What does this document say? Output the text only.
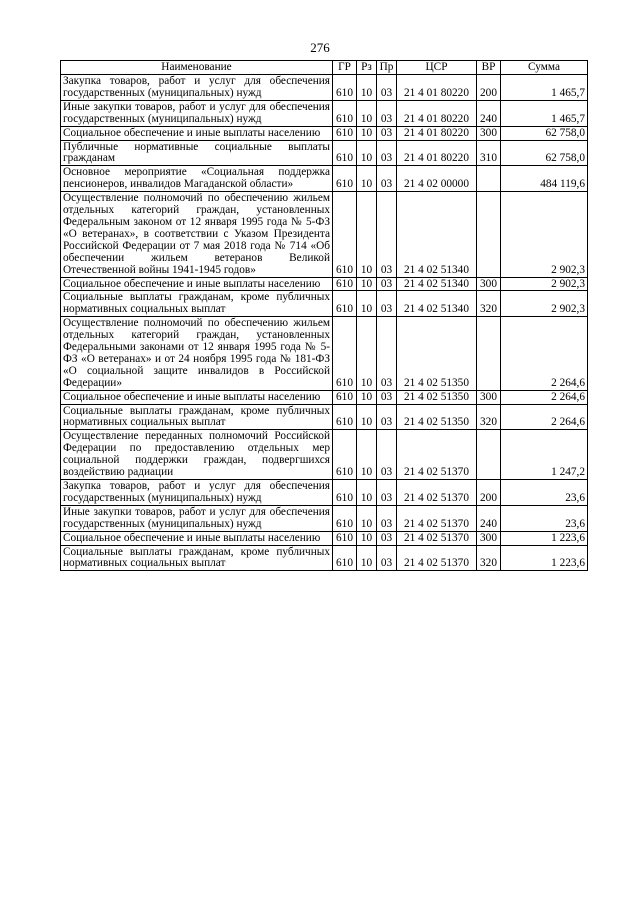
276
Наименование	ГР	Рз	Пр	ЦСР	ВР	Сумма
Закупка товаров, работ и услуг для обеспечения государственных (муниципальных) нужд	610	10	03	21 4 01 80220	200	1 465,7
Иные закупки товаров, работ и услуг для обеспечения государственных (муниципальных) нужд	610	10	03	21 4 01 80220	240	1 465,7
Социальное обеспечение и иные выплаты населению	610	10	03	21 4 01 80220	300	62 758,0
Публичные нормативные социальные выплаты гражданам	610	10	03	21 4 01 80220	310	62 758,0
Основное мероприятие «Социальная поддержка пенсионеров, инвалидов Магаданской области»	610	10	03	21 4 02 00000		484 119,6
Осуществление полномочий по обеспечению жильем отдельных категорий граждан, установленных Федеральным законом от 12 января 1995 года № 5-ФЗ «О ветеранах», в соответствии с Указом Президента Российской Федерации от 7 мая 2018 года № 714 «Об обеспечении жильем ветеранов Великой Отечественной войны 1941-1945 годов»	610	10	03	21 4 02 51340		2 902,3
Социальное обеспечение и иные выплаты населению	610	10	03	21 4 02 51340	300	2 902,3
Социальные выплаты гражданам, кроме публичных нормативных социальных выплат	610	10	03	21 4 02 51340	320	2 902,3
Осуществление полномочий по обеспечению жильем отдельных категорий граждан, установленных Федеральными законами от 12 января 1995 года № 5-ФЗ «О ветеранах» и от 24 ноября 1995 года № 181-ФЗ «О социальной защите инвалидов в Российской Федерации»	610	10	03	21 4 02 51350		2 264,6
Социальное обеспечение и иные выплаты населению	610	10	03	21 4 02 51350	300	2 264,6
Социальные выплаты гражданам, кроме публичных нормативных социальных выплат	610	10	03	21 4 02 51350	320	2 264,6
Осуществление переданных полномочий Российской Федерации по предоставлению отдельных мер социальной поддержки граждан, подвергшихся воздействию радиации	610	10	03	21 4 02 51370		1 247,2
Закупка товаров, работ и услуг для обеспечения государственных (муниципальных) нужд	610	10	03	21 4 02 51370	200	23,6
Иные закупки товаров, работ и услуг для обеспечения государственных (муниципальных) нужд	610	10	03	21 4 02 51370	240	23,6
Социальное обеспечение и иные выплаты населению	610	10	03	21 4 02 51370	300	1 223,6
Социальные выплаты гражданам, кроме публичных нормативных социальных выплат	610	10	03	21 4 02 51370	320	1 223,6
